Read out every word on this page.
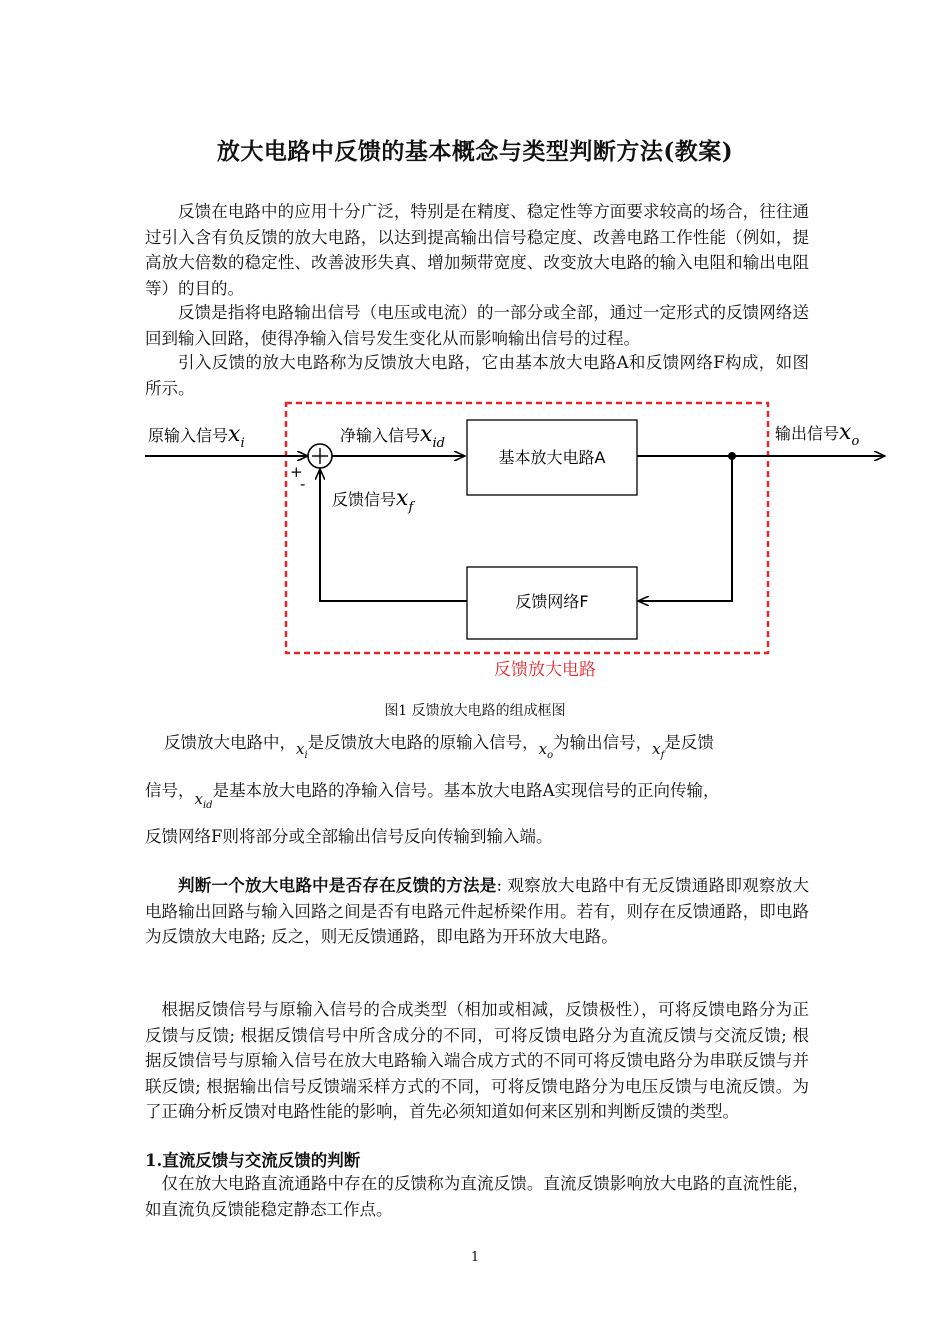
放大电路中反馈的基本概念与类型判断方法(教案)
反馈在电路中的应用十分广泛，特别是在精度、稳定性等方面要求较高的场合，往往通过引入含有负反馈的放大电路，以达到提高输出信号稳定度、改善电路工作性能（例如，提高放大倍数的稳定性、改善波形失真、增加频带宽度、改变放大电路的输入电阻和输出电阻等）的目的。
反馈是指将电路输出信号（电压或电流）的一部分或全部，通过一定形式的反馈网络送回到输入回路，使得净输入信号发生变化从而影响输出信号的过程。
引入反馈的放大电路称为反馈放大电路，它由基本放大电路A和反馈网络F构成，如图所示。
反馈放大电路
原输入信号$x_i$
+
-
净输入信号$x_{id}$
基本放大电路A
输出信号$x_o$
反馈网络F
反馈信号$x_f$
图1 反馈放大电路的组成框图
反馈放大电路中，$x_i$是反馈放大电路的原输入信号，$x_o$为输出信号，$x_f$是反馈
信号，$x_{id}$是基本放大电路的净输入信号。基本放大电路A实现信号的正向传输，
反馈网络F则将部分或全部输出信号反向传输到输入端。
判断一个放大电路中是否存在反馈的方法是: 观察放大电路中有无反馈通路即观察放大电路输出回路与输入回路之间是否有电路元件起桥梁作用。若有，则存在反馈通路，即电路为反馈放大电路; 反之，则无反馈通路，即电路为开环放大电路。
根据反馈信号与原输入信号的合成类型（相加或相减，反馈极性），可将反馈电路分为正反馈与反馈; 根据反馈信号中所含成分的不同，可将反馈电路分为直流反馈与交流反馈; 根据反馈信号与原输入信号在放大电路输入端合成方式的不同可将反馈电路分为串联反馈与并联反馈; 根据输出信号反馈端采样方式的不同，可将反馈电路分为电压反馈与电流反馈。为了正确分析反馈对电路性能的影响，首先必须知道如何来区别和判断反馈的类型。
1.直流反馈与交流反馈的判断
仅在放大电路直流通路中存在的反馈称为直流反馈。直流反馈影响放大电路的直流性能，如直流负反馈能稳定静态工作点。
1
